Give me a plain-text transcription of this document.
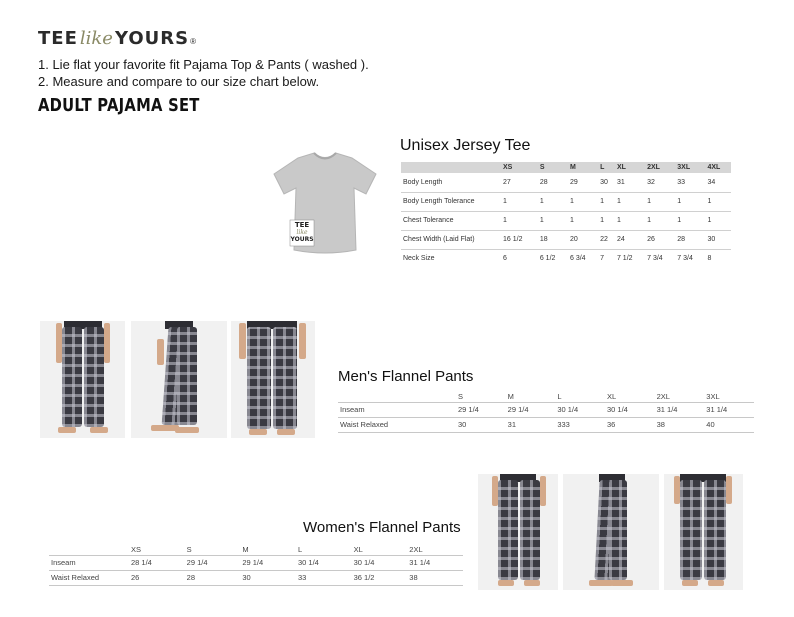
TEE like YOURS ®
1. Lie flat your favorite fit Pajama Top & Pants ( washed ).
2. Measure and compare to our size chart below.
ADULT PAJAMA SET
Unisex Jersey Tee
TEE
like
YOURS
	XS	S	M	L	XL	2XL	3XL	4XL
Body Length	27	28	29	30	31	32	33	34
Body Length Tolerance	1	1	1	1	1	1	1	1
Chest Tolerance	1	1	1	1	1	1	1	1
Chest Width (Laid Flat)	16 1/2	18	20	22	24	26	28	30
Neck Size	6	6 1/2	6 3/4	7	7 1/2	7 3/4	7 3/4	8
Men's Flannel Pants
	S	M	L	XL	2XL	3XL
Inseam	29 1/4	29 1/4	30 1/4	30 1/4	31 1/4	31 1/4
Waist Relaxed	30	31	333	36	38	40
Women's Flannel Pants
	XS	S	M	L	XL	2XL
Inseam	28 1/4	29 1/4	29 1/4	30 1/4	30 1/4	31 1/4
Waist Relaxed	26	28	30	33	36 1/2	38
